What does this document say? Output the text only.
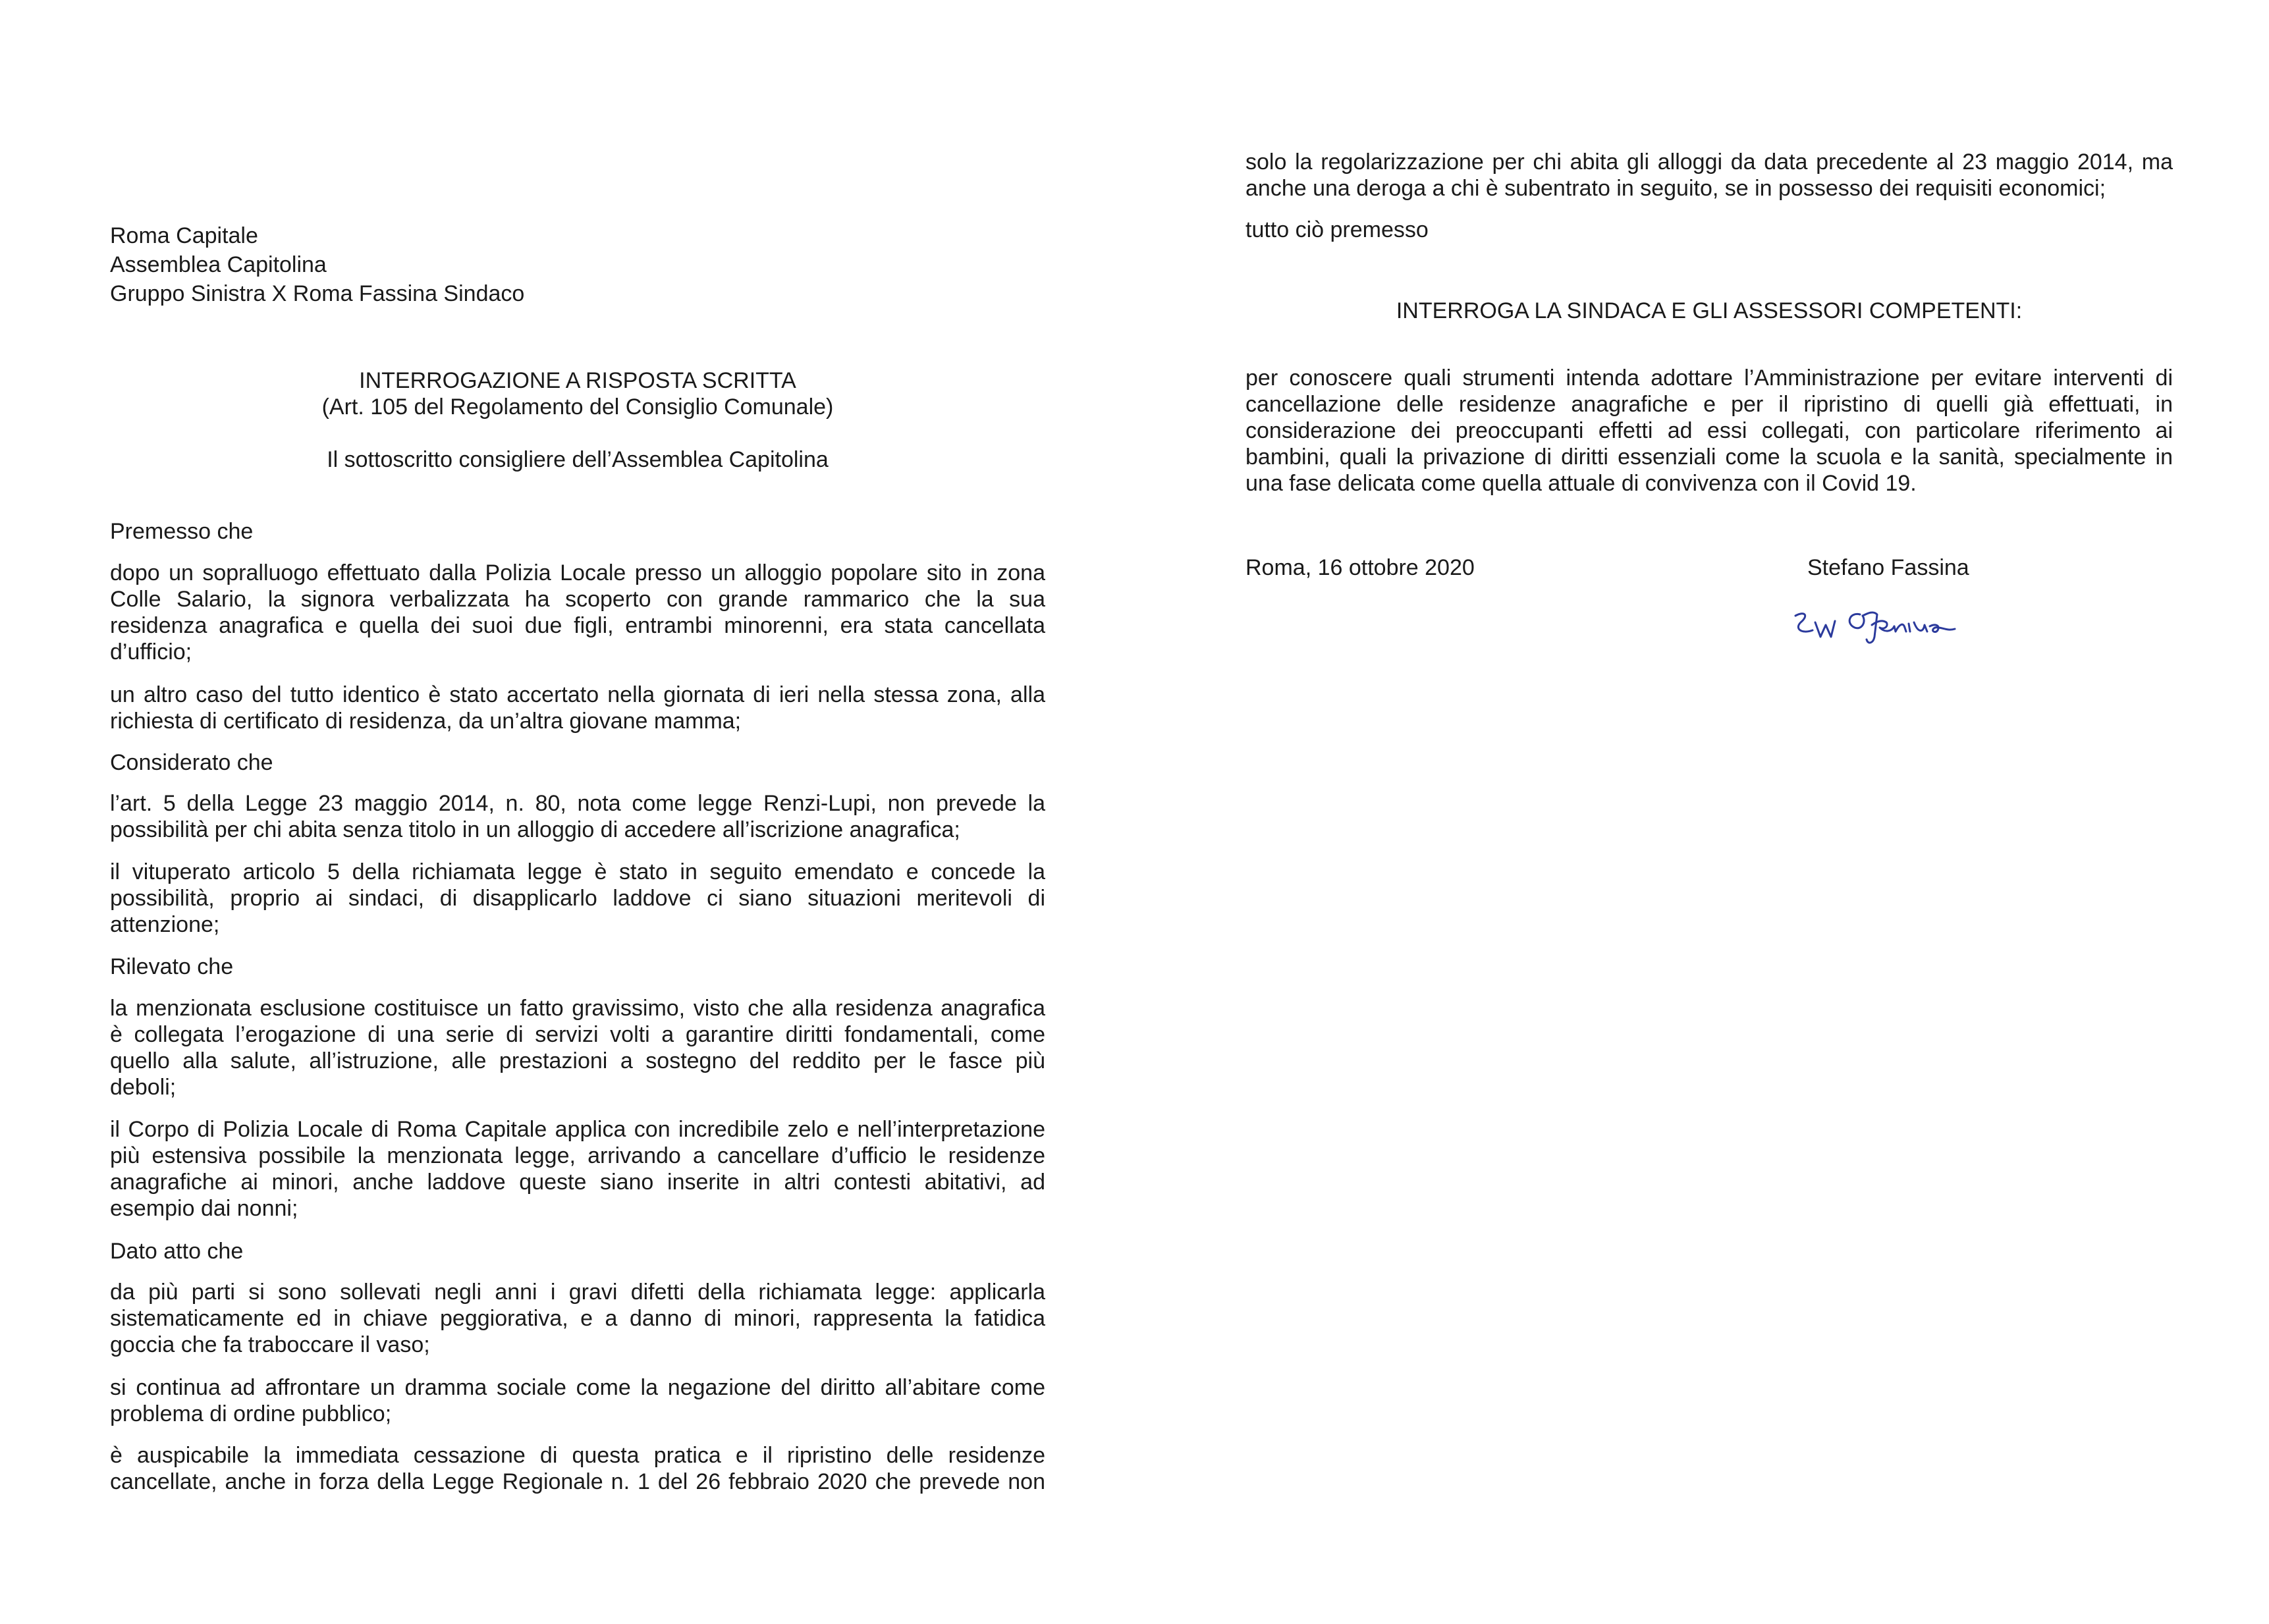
Roma Capitale

Assemblea Capitolina

Gruppo Sinistra X Roma Fassina Sindaco

INTERROGAZIONE A RISPOSTA SCRITTA

(Art. 105 del Regolamento del Consiglio Comunale)

Il sottoscritto consigliere dell’Assemblea Capitolina

Premesso che

dopo un sopralluogo effettuato dalla Polizia Locale presso un alloggio popolare sito in zona

Colle Salario, la signora verbalizzata ha scoperto con grande rammarico che la sua

residenza anagrafica e quella dei suoi due figli, entrambi minorenni, era stata cancellata

d’ufficio;

un altro caso del tutto identico è stato accertato nella giornata di ieri nella stessa zona, alla

richiesta di certificato di residenza, da un’altra giovane mamma;

Considerato che

l’art. 5 della Legge 23 maggio 2014, n. 80, nota come legge Renzi-Lupi, non prevede la

possibilità per chi abita senza titolo in un alloggio di accedere all’iscrizione anagrafica;

il vituperato articolo 5 della richiamata legge è stato in seguito emendato e concede la

possibilità, proprio ai sindaci, di disapplicarlo laddove ci siano situazioni meritevoli di

attenzione;

Rilevato che

la menzionata esclusione costituisce un fatto gravissimo, visto che alla residenza anagrafica

è collegata l’erogazione di una serie di servizi volti a garantire diritti fondamentali, come

quello alla salute, all’istruzione, alle prestazioni a sostegno del reddito per le fasce più

deboli;

il Corpo di Polizia Locale di Roma Capitale applica con incredibile zelo e nell’interpretazione

più estensiva possibile la menzionata legge, arrivando a cancellare d’ufficio le residenze

anagrafiche ai minori, anche laddove queste siano inserite in altri contesti abitativi, ad

esempio dai nonni;

Dato atto che

da più parti si sono sollevati negli anni i gravi difetti della richiamata legge: applicarla

sistematicamente ed in chiave peggiorativa, e a danno di minori, rappresenta la fatidica

goccia che fa traboccare il vaso;

si continua ad affrontare un dramma sociale come la negazione del diritto all’abitare come

problema di ordine pubblico;

è auspicabile la immediata cessazione di questa pratica e il ripristino delle residenze

cancellate, anche in forza della Legge Regionale n. 1 del 26 febbraio 2020 che prevede non

solo la regolarizzazione per chi abita gli alloggi da data precedente al 23 maggio 2014, ma

anche una deroga a chi è subentrato in seguito, se in possesso dei requisiti economici;

tutto ciò premesso

INTERROGA LA SINDACA E GLI ASSESSORI COMPETENTI:

per conoscere quali strumenti intenda adottare l’Amministrazione per evitare interventi di

cancellazione delle residenze anagrafiche e per il ripristino di quelli già effettuati, in

considerazione dei preoccupanti effetti ad essi collegati, con particolare riferimento ai

bambini, quali la privazione di diritti essenziali come la scuola e la sanità, specialmente in

una fase delicata come quella attuale di convivenza con il Covid 19.

Roma, 16 ottobre 2020	Stefano Fassina
